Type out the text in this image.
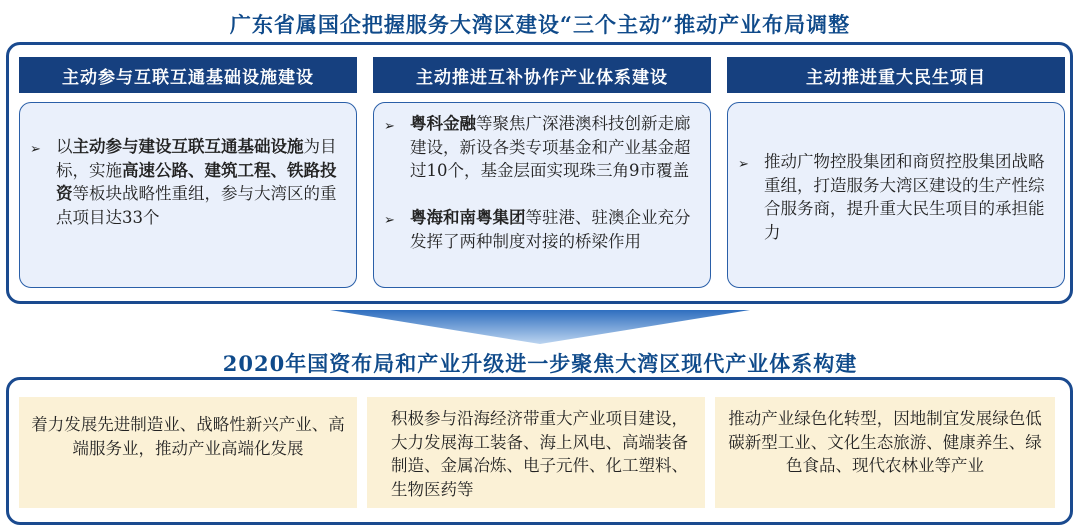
广东省属国企把握服务大湾区建设“三个主动”推动产业布局调整
主动参与互联互通基础设施建设	主动推进互补协作产业体系建设	主动推进重大民生项目
➢ 以主动参与建设互联互通基础设施为目标，实施高速公路、建筑工程、铁路投资等板块战略性重组，参与大湾区的重点项目达33个
➢ 粤科金融等聚焦广深港澳科技创新走廊建设，新设各类专项基金和产业基金超过10个，基金层面实现珠三角9市覆盖
➢ 粤海和南粤集团等驻港、驻澳企业充分发挥了两种制度对接的桥梁作用
➢ 推动广物控股集团和商贸控股集团战略重组，打造服务大湾区建设的生产性综合服务商，提升重大民生项目的承担能力
2020年国资布局和产业升级进一步聚焦大湾区现代产业体系构建
着力发展先进制造业、战略性新兴产业、高端服务业，推动产业高端化发展
积极参与沿海经济带重大产业项目建设，大力发展海工装备、海上风电、高端装备制造、金属冶炼、电子元件、化工塑料、生物医药等
推动产业绿色化转型，因地制宜发展绿色低碳新型工业、文化生态旅游、健康养生、绿色食品、现代农林业等产业
